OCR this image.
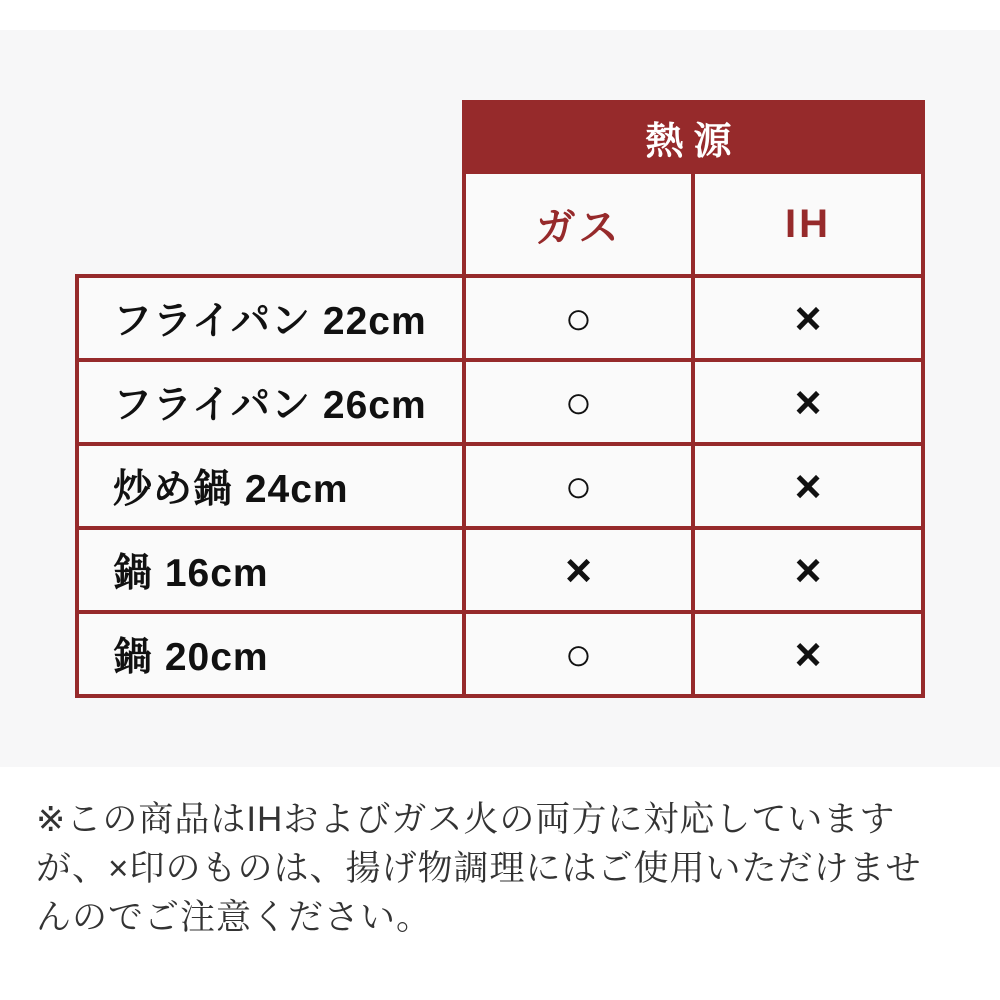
	熱源	
	ガス	IH
フライパン 22cm	○	×
フライパン 26cm	○	×
炒め鍋 24cm	○	×
鍋 16cm	×	×
鍋 20cm	○	×

※この商品はIHおよびガス火の両方に対応しています

が、×印のものは、揚げ物調理にはご使用いただけませ

んのでご注意ください。
